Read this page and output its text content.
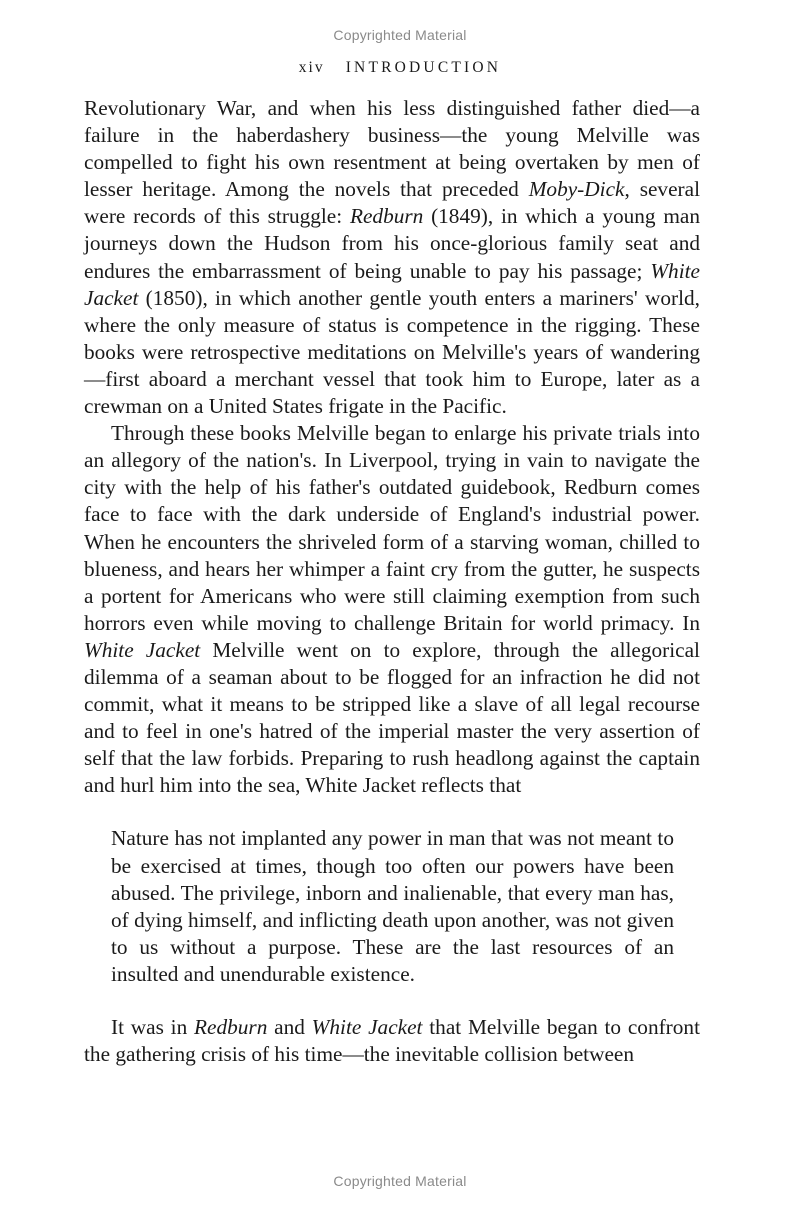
Copyrighted Material
xiv INTRODUCTION

Revolutionary War, and when his less distinguished father died—a failure in the haberdashery business—the young Melville was compelled to fight his own resentment at being overtaken by men of lesser heritage. Among the novels that preceded Moby-Dick, several were records of this struggle: Redburn (1849), in which a young man journeys down the Hudson from his once-glorious family seat and endures the embarrassment of being unable to pay his passage; White Jacket (1850), in which another gentle youth enters a mariners' world, where the only measure of status is competence in the rigging. These books were retrospective meditations on Melville's years of wandering—first aboard a merchant vessel that took him to Europe, later as a crewman on a United States frigate in the Pacific.

Through these books Melville began to enlarge his private trials into an allegory of the nation's. In Liverpool, trying in vain to navigate the city with the help of his father's outdated guidebook, Redburn comes face to face with the dark underside of England's industrial power. When he encounters the shriveled form of a starving woman, chilled to blueness, and hears her whimper a faint cry from the gutter, he suspects a portent for Americans who were still claiming exemption from such horrors even while moving to challenge Britain for world primacy. In White Jacket Melville went on to explore, through the allegorical dilemma of a seaman about to be flogged for an infraction he did not commit, what it means to be stripped like a slave of all legal recourse and to feel in one's hatred of the imperial master the very assertion of self that the law forbids. Preparing to rush headlong against the captain and hurl him into the sea, White Jacket reflects that

Nature has not implanted any power in man that was not meant to be exercised at times, though too often our powers have been abused. The privilege, inborn and inalienable, that every man has, of dying himself, and inflicting death upon another, was not given to us without a purpose. These are the last resources of an insulted and unendurable existence.

It was in Redburn and White Jacket that Melville began to confront the gathering crisis of his time—the inevitable collision between

Copyrighted Material
